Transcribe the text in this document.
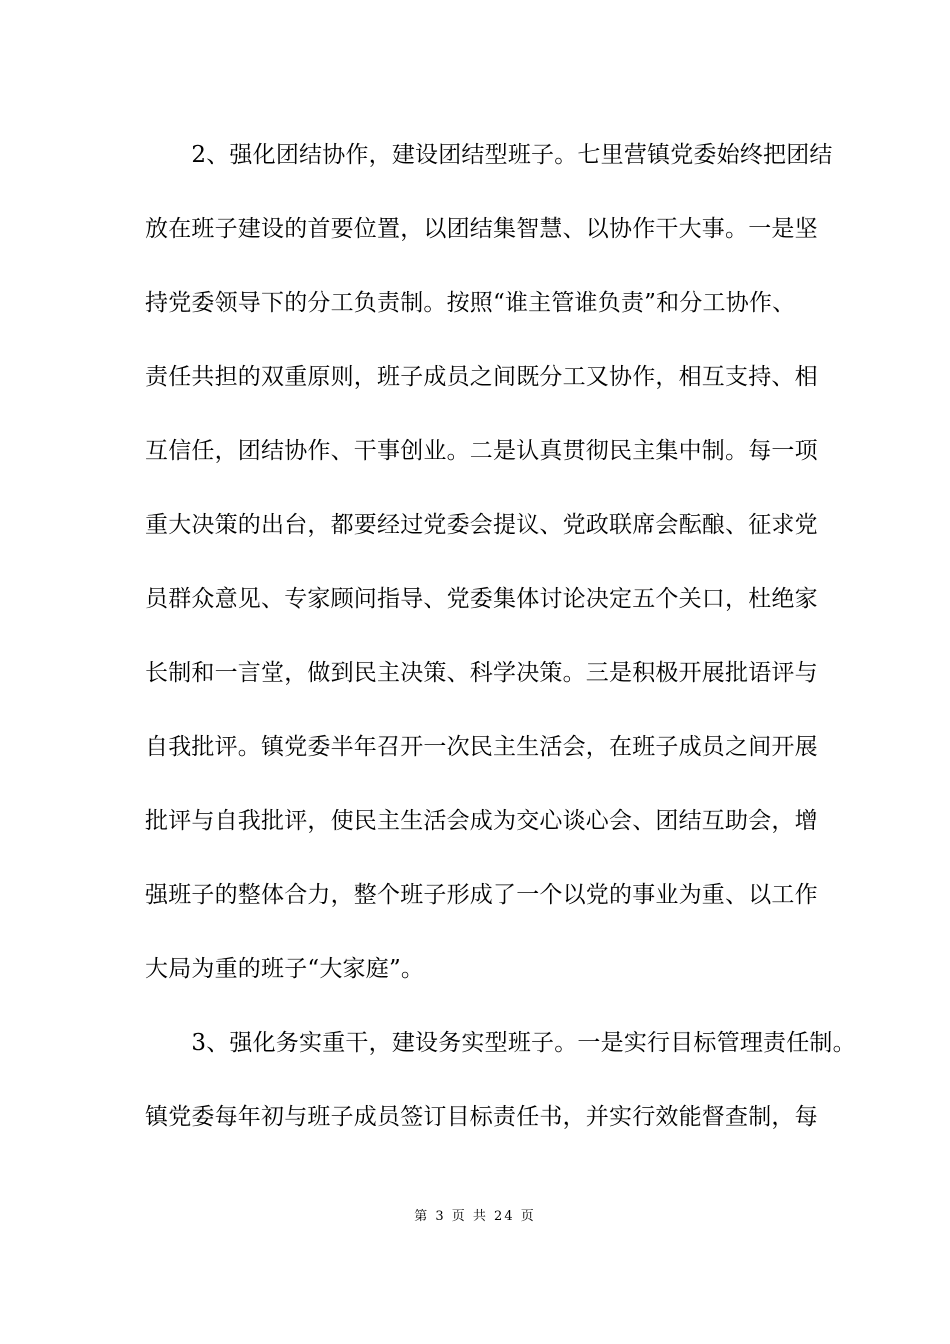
　　2、强化团结协作，建设团结型班子。七里营镇党委始终把团结
放在班子建设的首要位置，以团结集智慧、以协作干大事。一是坚
持党委领导下的分工负责制。按照“谁主管谁负责”和分工协作、
责任共担的双重原则，班子成员之间既分工又协作，相互支持、相
互信任，团结协作、干事创业。二是认真贯彻民主集中制。每一项
重大决策的出台，都要经过党委会提议、党政联席会酝酿、征求党
员群众意见、专家顾问指导、党委集体讨论决定五个关口，杜绝家
长制和一言堂，做到民主决策、科学决策。三是积极开展批语评与
自我批评。镇党委半年召开一次民主生活会，在班子成员之间开展
批评与自我批评，使民主生活会成为交心谈心会、团结互助会，增
强班子的整体合力，整个班子形成了一个以党的事业为重、以工作
大局为重的班子“大家庭”。
　　3、强化务实重干，建设务实型班子。一是实行目标管理责任制。
镇党委每年初与班子成员签订目标责任书，并实行效能督查制，每
第 3 页 共 24 页
